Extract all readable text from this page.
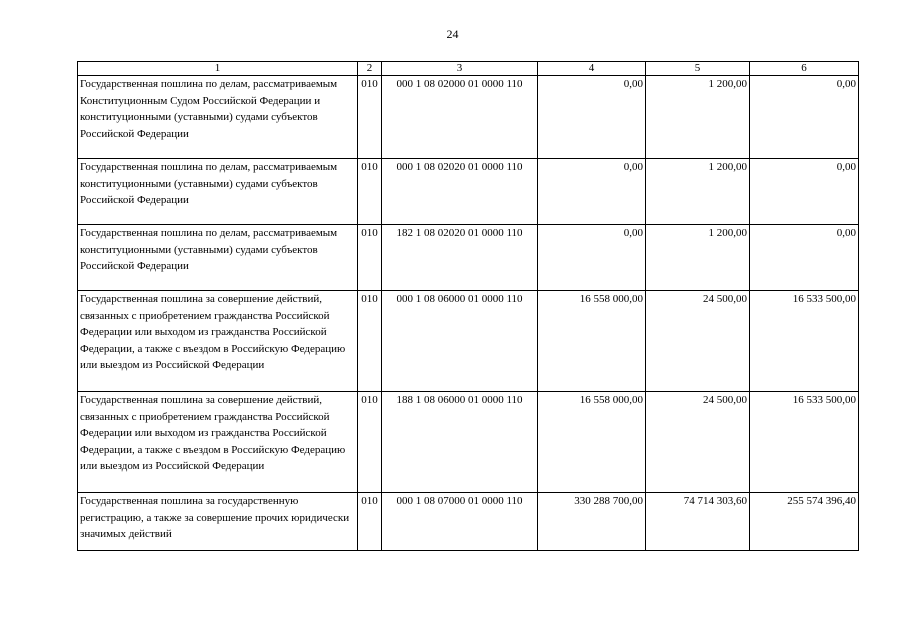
24
1	2	3	4	5	6
Государственная пошлина по делам, рассматриваемым Конституционным Судом Российской Федерации и конституционными (уставными) судами субъектов Российской Федерации	010	000 1 08 02000 01 0000 110	0,00	1 200,00	0,00
Государственная пошлина по делам, рассматриваемым конституционными (уставными) судами субъектов Российской Федерации	010	000 1 08 02020 01 0000 110	0,00	1 200,00	0,00
Государственная пошлина по делам, рассматриваемым конституционными (уставными) судами субъектов Российской Федерации	010	182 1 08 02020 01 0000 110	0,00	1 200,00	0,00
Государственная пошлина за совершение действий, связанных с приобретением гражданства Российской Федерации или выходом из гражданства Российской Федерации, а также с въездом в Российскую Федерацию или выездом из Российской Федерации	010	000 1 08 06000 01 0000 110	16 558 000,00	24 500,00	16 533 500,00
Государственная пошлина за совершение действий, связанных с приобретением гражданства Российской Федерации или выходом из гражданства Российской Федерации, а также с въездом в Российскую Федерацию или выездом из Российской Федерации	010	188 1 08 06000 01 0000 110	16 558 000,00	24 500,00	16 533 500,00
Государственная пошлина за государственную регистрацию, а также за совершение прочих юридически значимых действий	010	000 1 08 07000 01 0000 110	330 288 700,00	74 714 303,60	255 574 396,40
